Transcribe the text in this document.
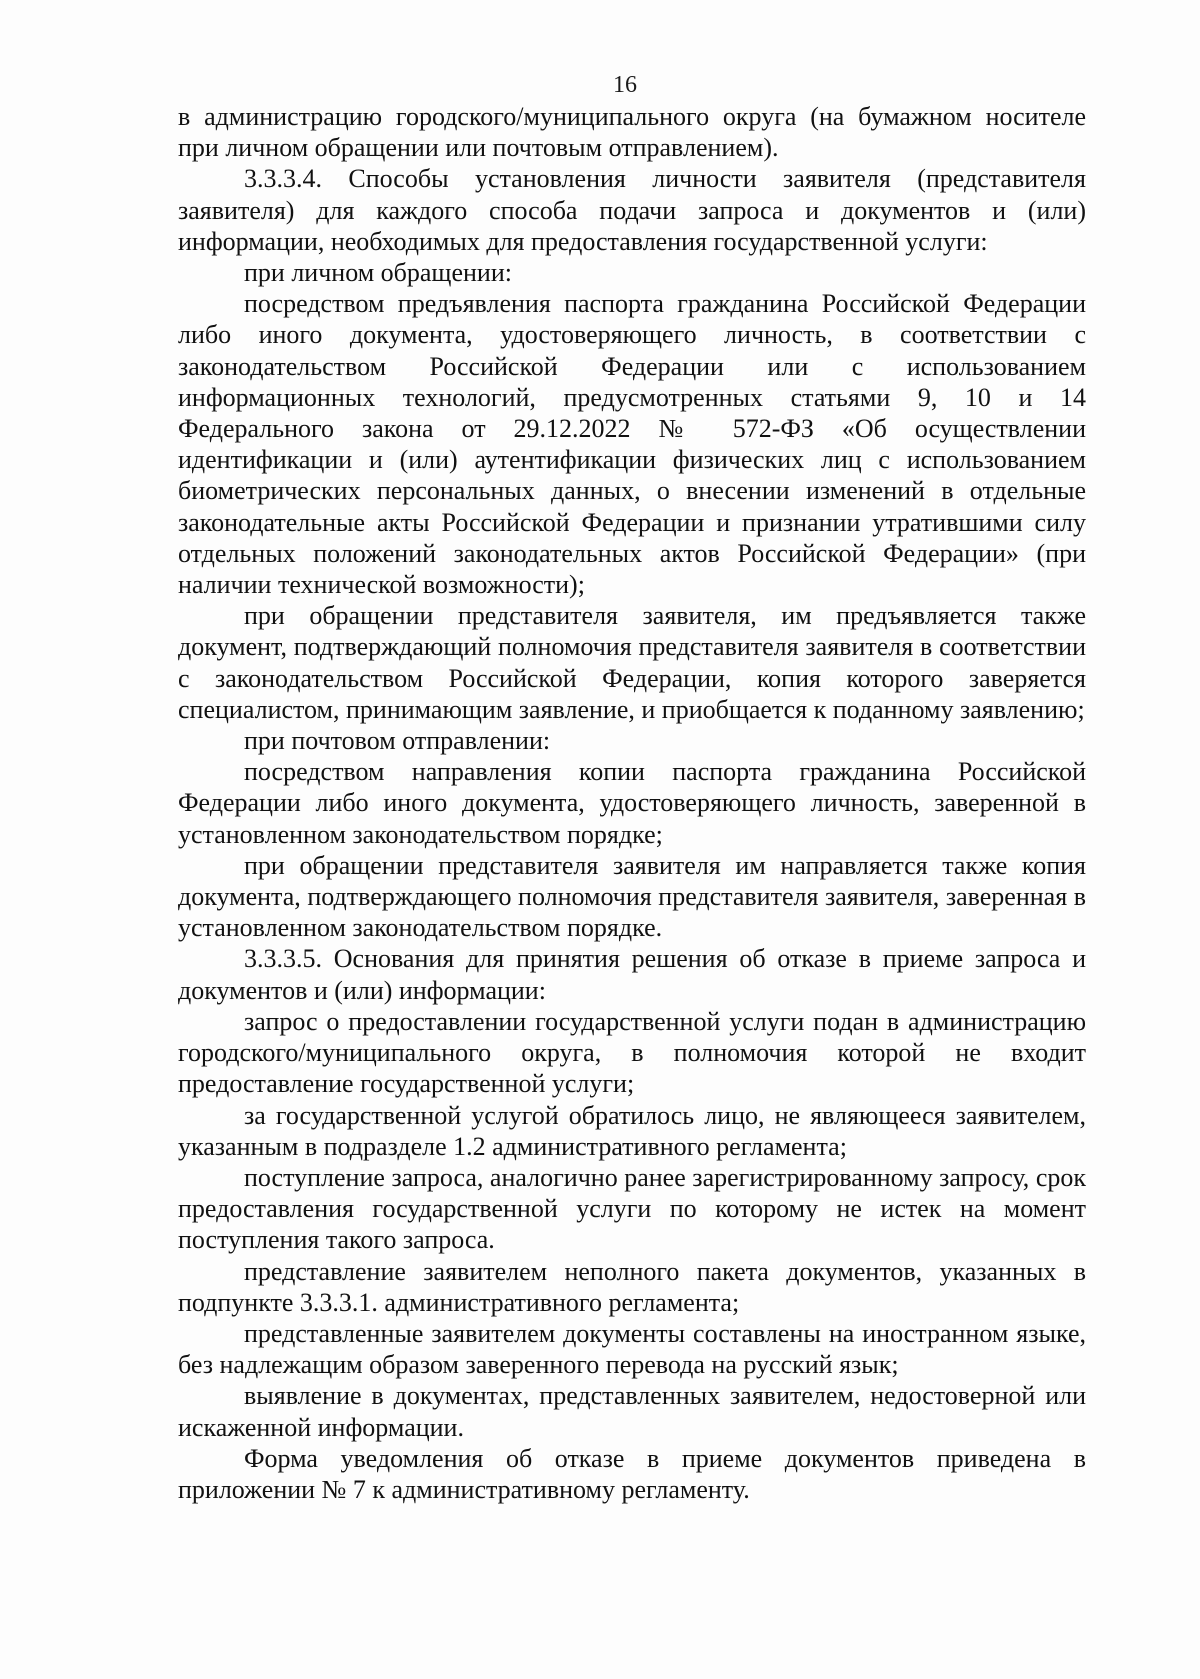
16

в администрацию городского/муниципального округа (на бумажном носителе при личном обращении или почтовым отправлением).

3.3.3.4. Способы установления личности заявителя (представителя заявителя) для каждого способа подачи запроса и документов и (или) информации, необходимых для предоставления государственной услуги:

при личном обращении:

посредством предъявления паспорта гражданина Российской Федерации либо иного документа, удостоверяющего личность, в соответствии с законодательством Российской Федерации или с использованием информационных технологий, предусмотренных статьями 9, 10 и 14 Федерального закона от 29.12.2022 № 572-ФЗ «Об осуществлении идентификации и (или) аутентификации физических лиц с использованием биометрических персональных данных, о внесении изменений в отдельные законодательные акты Российской Федерации и признании утратившими силу отдельных положений законодательных актов Российской Федерации» (при наличии технической возможности);

при обращении представителя заявителя, им предъявляется также документ, подтверждающий полномочия представителя заявителя в соответствии с законодательством Российской Федерации, копия которого заверяется специалистом, принимающим заявление, и приобщается к поданному заявлению;

при почтовом отправлении:

посредством направления копии паспорта гражданина Российской Федерации либо иного документа, удостоверяющего личность, заверенной в установленном законодательством порядке;

при обращении представителя заявителя им направляется также копия документа, подтверждающего полномочия представителя заявителя, заверенная в установленном законодательством порядке.

3.3.3.5. Основания для принятия решения об отказе в приеме запроса и документов и (или) информации:

запрос о предоставлении государственной услуги подан в администрацию городского/муниципального округа, в полномочия которой не входит предоставление государственной услуги;

за государственной услугой обратилось лицо, не являющееся заявителем, указанным в подразделе 1.2 административного регламента;

поступление запроса, аналогично ранее зарегистрированному запросу, срок предоставления государственной услуги по которому не истек на момент поступления такого запроса.

представление заявителем неполного пакета документов, указанных в подпункте 3.3.3.1. административного регламента;

представленные заявителем документы составлены на иностранном языке, без надлежащим образом заверенного перевода на русский язык;

выявление в документах, представленных заявителем, недостоверной или искаженной информации.

Форма уведомления об отказе в приеме документов приведена в приложении № 7 к административному регламенту.
